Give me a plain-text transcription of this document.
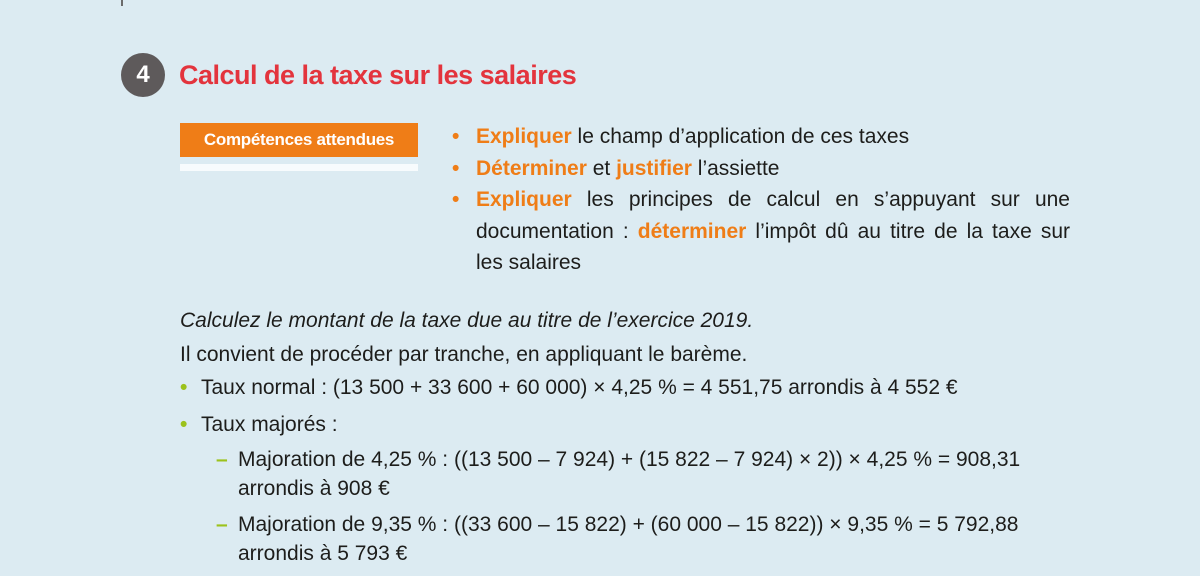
4	Calcul de la taxe sur les salaires
Compétences attendues
•	Expliquer le champ d’application de ces taxes
• Déterminer et justifier l’assiette
• Expliquer les principes de calcul en s’appuyant sur une documentation : déterminer l’impôt dû au titre de la taxe sur les salaires
Calculez le montant de la taxe due au titre de l’exercice 2019.
Il convient de procéder par tranche, en appliquant le barème.
• Taux normal : (13 500 + 33 600 + 60 000) × 4,25 % = 4 551,75 arrondis à 4 552 €
• Taux majorés :
– Majoration de 4,25 % : ((13 500 – 7 924) + (15 822 – 7 924) × 2)) × 4,25 % = 908,31 arrondis à 908 €
– Majoration de 9,35 % : ((33 600 – 15 822) + (60 000 – 15 822)) × 9,35 % = 5 792,88 arrondis à 5 793 €
